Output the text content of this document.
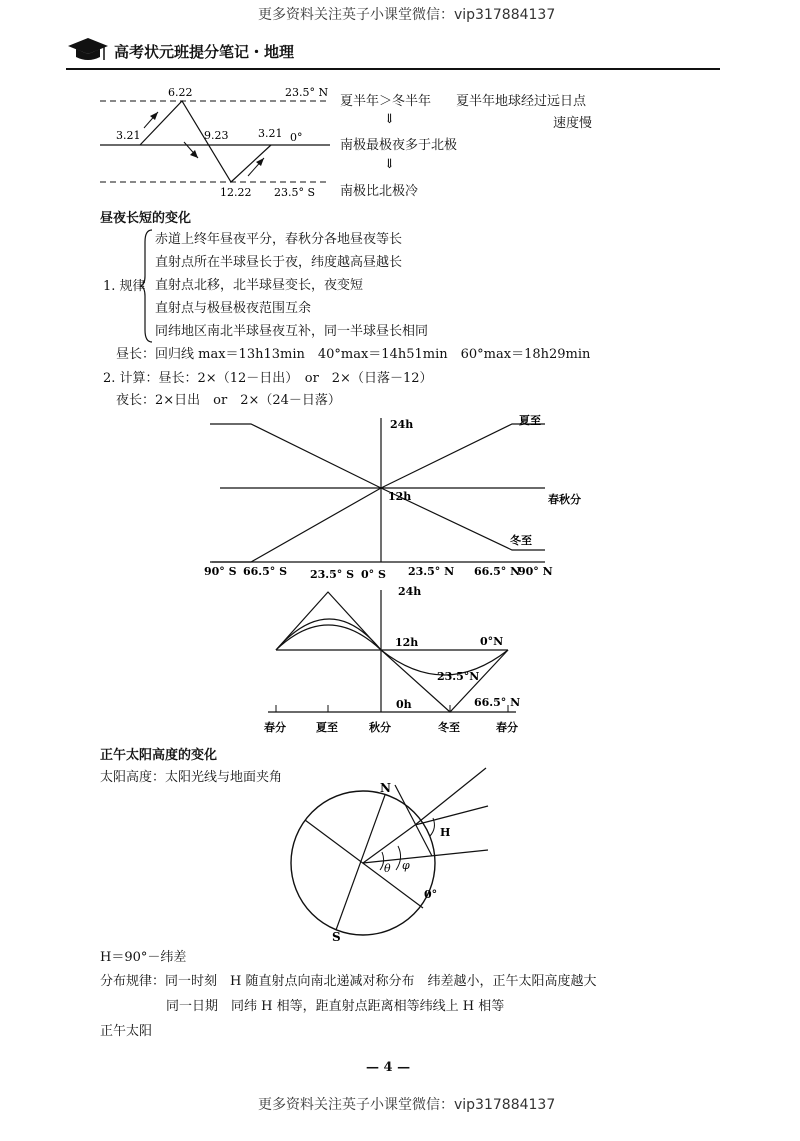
更多资料关注英子小课堂微信：vip317884137
高考状元班提分笔记・地理
6.22	23.5° N
3.21	9.23	3.21 0°
12.22 23.5° S
夏半年＞冬半年 夏半年地球经过远日点
速度慢
⇓
南极最极夜多于北极
⇓
南极比北极冷
昼夜长短的变化
1. 规律
赤道上终年昼夜平分，春秋分各地昼夜等长
直射点所在半球昼长于夜，纬度越高昼越长
直射点北移，北半球昼变长，夜变短
直射点与极昼极夜范围互余
同纬地区南北半球昼夜互补，同一半球昼长相同
昼长：回归线 max＝13h13min　40°max＝14h51min　60°max＝18h29min
2. 计算：昼长：2×（12－日出）　or　2×（日落－12）
夜长：2×日出　or　2×（24－日落）
24h
12h
夏至
春秋分
冬至
90° S 66.5° S 23.5° S 0° S 23.5° N 66.5° N
90° N
24h
12h
0h
0°N
23.5°N
66.5° N
春分	夏至	秋分	冬至	春分
正午太阳高度的变化
太阳高度：太阳光线与地面夹角
N
S
H
θ φ
0°
H＝90°－纬差
分布规律：同一时刻　H 随直射点向南北递减对称分布　纬差越小，正午太阳高度越大
同一日期　同纬 H 相等，距直射点距离相等纬线上 H 相等
正午太阳
— 4 —
更多资料关注英子小课堂微信：vip317884137
